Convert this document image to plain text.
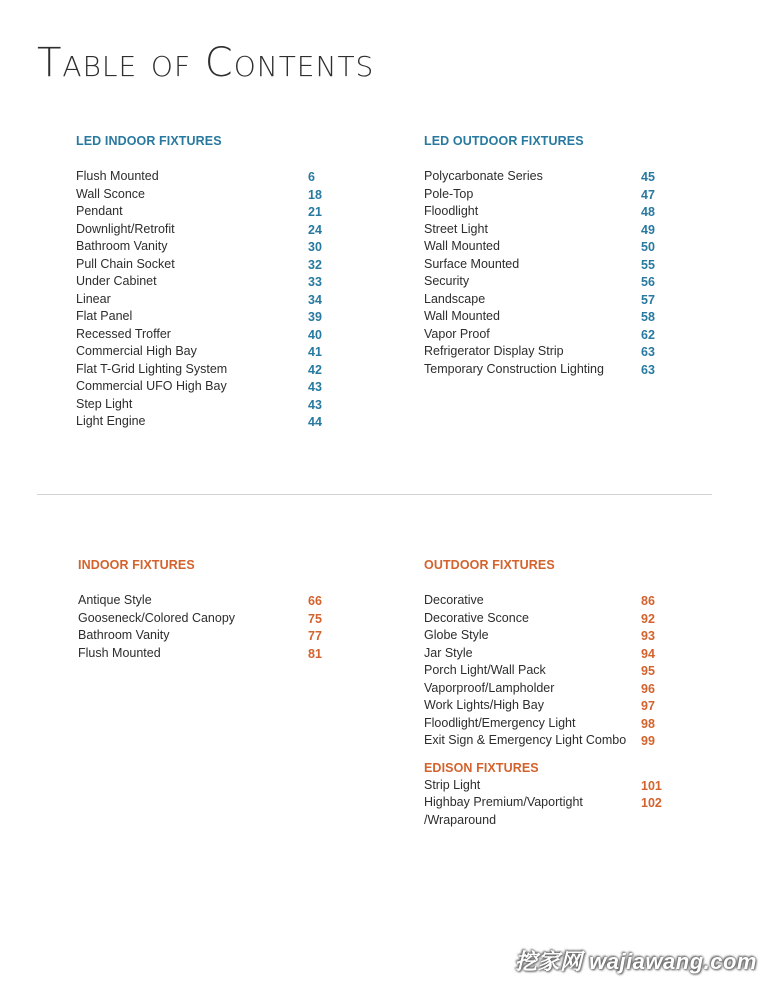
Table of Contents
LED INDOOR FIXTURES
Flush Mounted	6
Wall Sconce	18
Pendant	21
Downlight/Retrofit	24
Bathroom Vanity	30
Pull Chain Socket	32
Under Cabinet	33
Linear	34
Flat Panel	39
Recessed Troffer	40
Commercial High Bay	41
Flat T-Grid Lighting System	42
Commercial UFO High Bay	43
Step Light	43
Light Engine	44
LED OUTDOOR FIXTURES
Polycarbonate Series	45
Pole-Top	47
Floodlight	48
Street Light	49
Wall Mounted	50
Surface Mounted	55
Security	56
Landscape	57
Wall Mounted	58
Vapor Proof	62
Refrigerator Display Strip	63
Temporary Construction Lighting	63
INDOOR FIXTURES
Antique Style	66
Gooseneck/Colored Canopy	75
Bathroom Vanity	77
Flush Mounted	81
OUTDOOR FIXTURES
Decorative	86
Decorative Sconce	92
Globe Style	93
Jar Style	94
Porch Light/Wall Pack	95
Vaporproof/Lampholder	96
Work Lights/High Bay	97
Floodlight/Emergency Light	98
Exit Sign & Emergency Light Combo 99
EDISON FIXTURES
Strip Light	101
Highbay Premium/Vaportight	102
/Wraparound
挖家网 wajiawang.com
